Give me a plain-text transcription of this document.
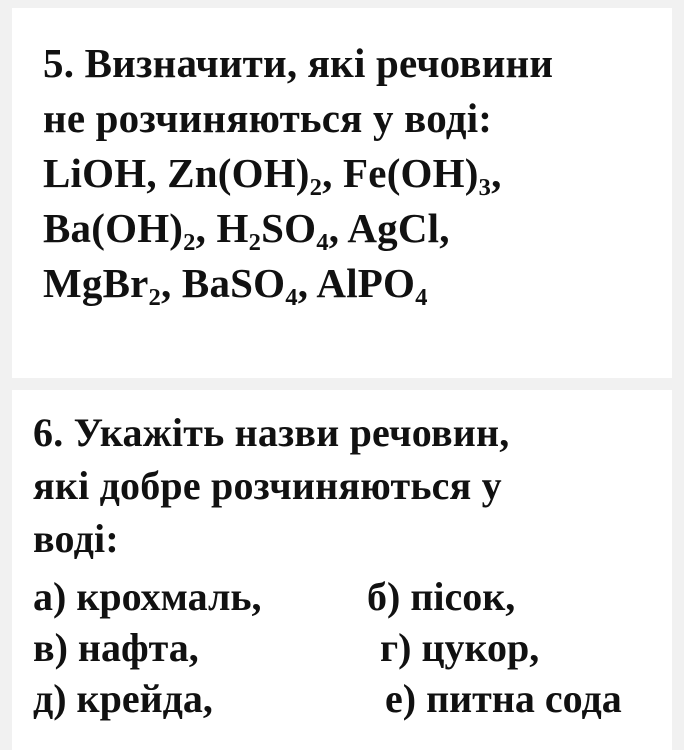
5. Визначити, які речовини
не розчиняються у воді:
LiOH, Zn(OH)₂, Fe(OH)₃,
Ba(OH)₂, H₂SO₄, AgCl,
MgBr₂, BaSO₄, AlPO₄
6. Укажіть назви речовин,
які добре розчиняються у
воді:
а) крохмаль,	б) пісок,
в) нафта,	г) цукор,
д) крейда,	е) питна сода
